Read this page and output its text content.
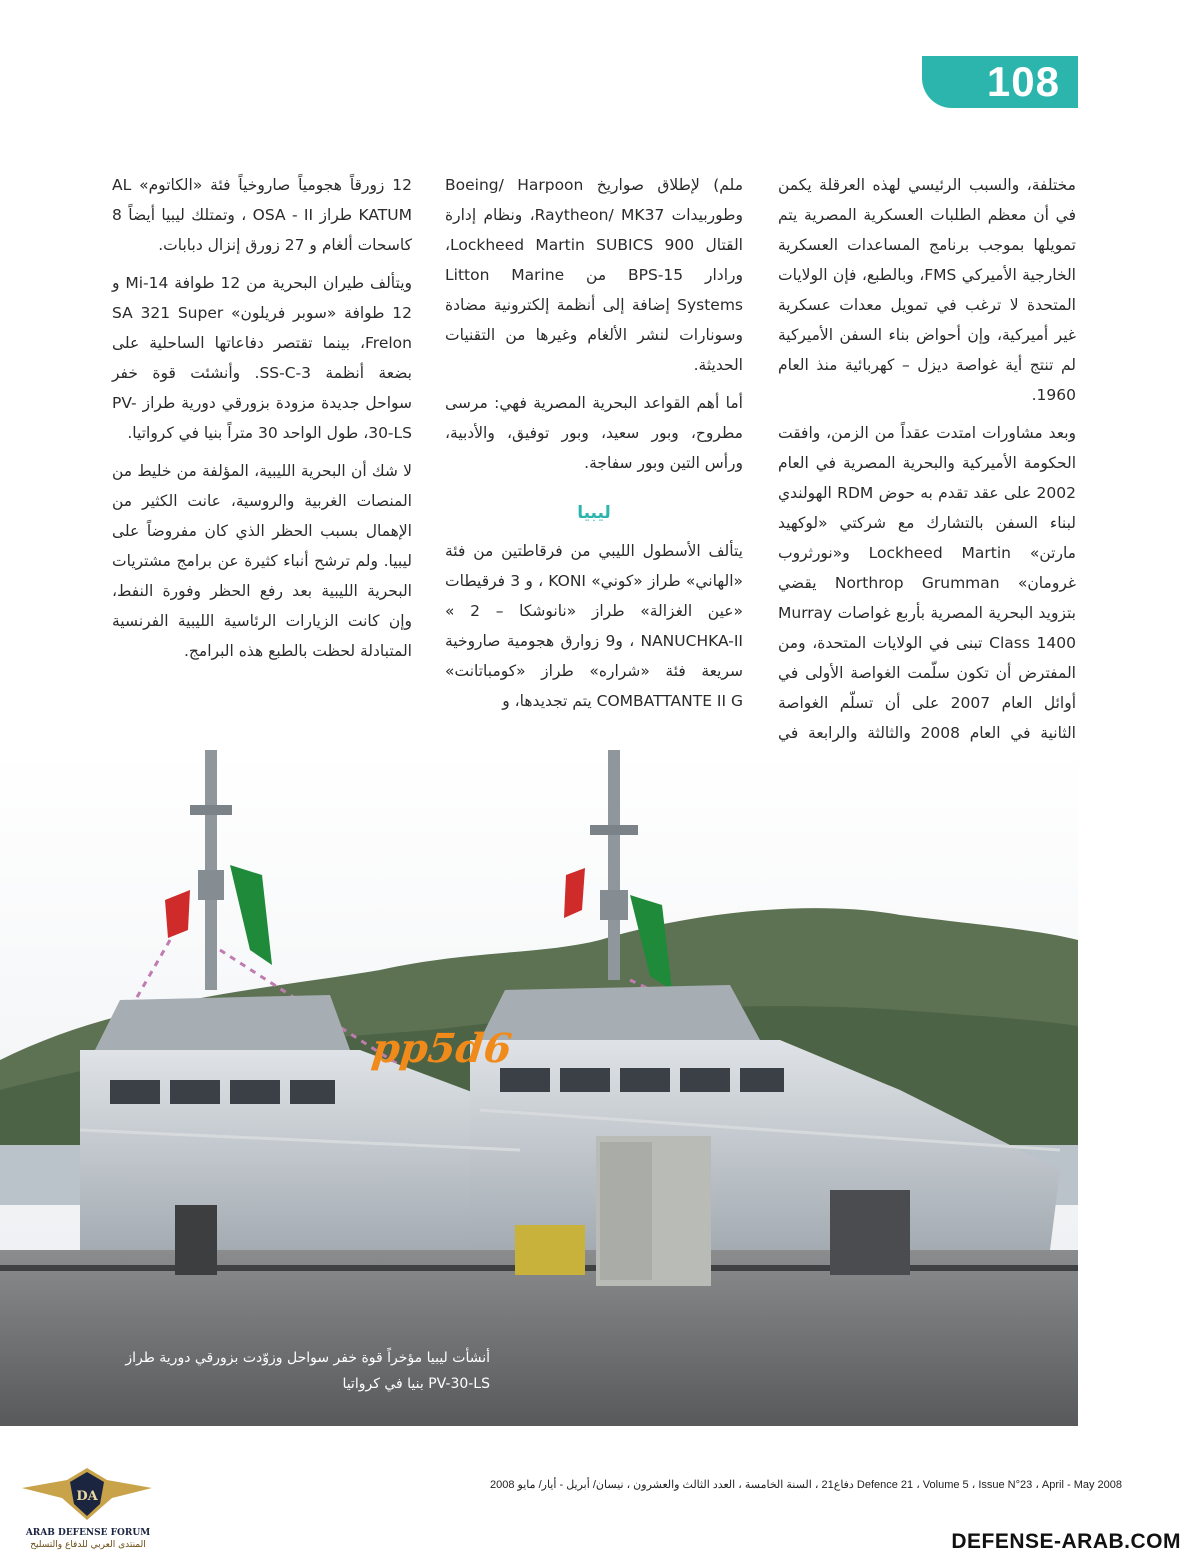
108

مختلفة، والسبب الرئيسي لهذه العرقلة يكمن في أن معظم الطلبات العسكرية المصرية يتم تمويلها بموجب برنامج المساعدات العسكرية الخارجية الأميركي FMS، وبالطبع، فإن الولايات المتحدة لا ترغب في تمويل معدات عسكرية غير أميركية، وإن أحواض بناء السفن الأميركية لم تنتج أية غواصة ديزل – كهربائية منذ العام 1960.

وبعد مشاورات امتدت عقداً من الزمن، وافقت الحكومة الأميركية والبحرية المصرية في العام 2002 على عقد تقدم به حوض RDM الهولندي لبناء السفن بالتشارك مع شركتي «لوكهيد مارتن» Lockheed Martin و«نورثروب غرومان» Northrop Grumman يقضي بتزويد البحرية المصرية بأربع غواصات Murray Class 1400 تبنى في الولايات المتحدة، ومن المفترض أن تكون سلّمت الغواصة الأولى في أوائل العام 2007 على أن تسلّم الغواصة الثانية في العام 2008 والثالثة والرابعة في

ملم) لإطلاق صواريخ Boeing/ Harpoon وطوربيدات Raytheon/ MK37، ونظام إدارة القتال Lockheed Martin SUBICS 900، ورادار BPS-15 من Litton Marine Systems إضافة إلى أنظمة إلكترونية مضادة وسونارات لنشر الألغام وغيرها من التقنيات الحديثة.

أما أهم القواعد البحرية المصرية فهي: مرسى مطروح، وبور سعيد، وبور توفيق، والأدبية، ورأس التين وبور سفاجة.

ليبيا

يتألف الأسطول الليبي من فرقاطتين من فئة «الهاني» طراز «كوني» KONI ، و 3 فرقيطات «عين الغزالة» طراز «نانوشكا – 2 » NANUCHKA-II ، و9 زوارق هجومية صاروخية سريعة فئة «شراره» طراز «كومباتانت» COMBATTANTE II G يتم تجديدها، و

12 زورقاً هجومياً صاروخياً فئة «الكاتوم» AL KATUM طراز OSA - II ، وتمتلك ليبيا أيضاً 8 كاسحات ألغام و 27 زورق إنزال دبابات.

ويتألف طيران البحرية من 12 طوافة Mi-14 و 12 طوافة «سوبر فريلون» SA 321 Super Frelon، بينما تقتصر دفاعاتها الساحلية على بضعة أنظمة SS-C-3. وأنشئت قوة خفر سواحل جديدة مزودة بزورقي دورية طراز PV-30-LS، طول الواحد 30 متراً بنيا في كرواتيا.

لا شك أن البحرية الليبية، المؤلفة من خليط من المنصات الغربية والروسية، عانت الكثير من الإهمال بسبب الحظر الذي كان مفروضاً على ليبيا. ولم ترشح أنباء كثيرة عن برامج مشتريات البحرية الليبية بعد رفع الحظر وفورة النفط، وإن كانت الزيارات الرئاسية الليبية الفرنسية المتبادلة لحظت بالطبع هذه البرامج.

pp5d6
أنشأت ليبيا مؤخراً قوة خفر سواحل وزوّدت بزورقي دورية طراز PV-30-LS بنيا في كرواتيا
دفاع21 ، السنة الخامسة ، العدد الثالث والعشرون ، نيسان/ أبريل - أيار/ مايو 2008 Defence 21 ، Volume 5 ، Issue N°23 ، April - May 2008
DA
ARAB DEFENSE FORUM
المنتدى العربي للدفاع والتسليح	DEFENSE-ARAB.COM
